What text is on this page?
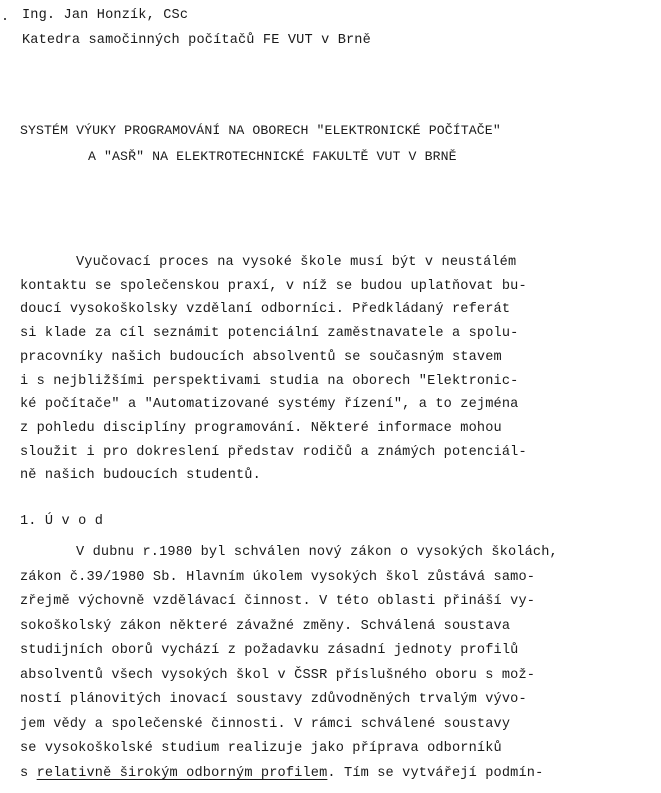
Ing. Jan Honzík, CSc
Katedra samočinných počítačů FE VUT v Brně
SYSTÉM VÝUKY PROGRAMOVÁNÍ NA OBORECH "ELEKTRONICKÉ POČÍTAČE"
A "ASŘ" NA ELEKTROTECHNICKÉ FAKULTĚ VUT V BRNĚ
Vyučovací proces na vysoké škole musí být v neustálém
kontaktu se společenskou praxí, v níž se budou uplatňovat bu-
doucí vysokoškolsky vzdělaní odborníci. Předkládaný referát
si klade za cíl seznámit potenciální zaměstnavatele a spolu-
pracovníky našich budoucích absolventů se současným stavem
i s nejbližšími perspektivami studia na oborech "Elektronic-
ké počítače" a "Automatizované systémy řízení", a to zejména
z pohledu disciplíny programování. Některé informace mohou
sloužit i pro dokreslení představ rodičů a známých potenciál-
ně našich budoucích studentů.
1. Ú v o d
V dubnu r.1980 byl schválen nový zákon o vysokých školách,
zákon č.39/1980 Sb. Hlavním úkolem vysokých škol zůstává samo-
zřejmě výchovně vzdělávací činnost. V této oblasti přináší vy-
sokoškolský zákon některé závažné změny. Schválená soustava
studijních oborů vychází z požadavku zásadní jednoty profilů
absolventů všech vysokých škol v ČSSR příslušného oboru s mož-
ností plánovitých inovací soustavy zdůvodněných trvalým vývo-
jem vědy a společenské činnosti. V rámci schválené soustavy
se vysokoškolské studium realizuje jako příprava odborníků
s relativně širokým odborným profilem. Tím se vytvářejí podmín-
